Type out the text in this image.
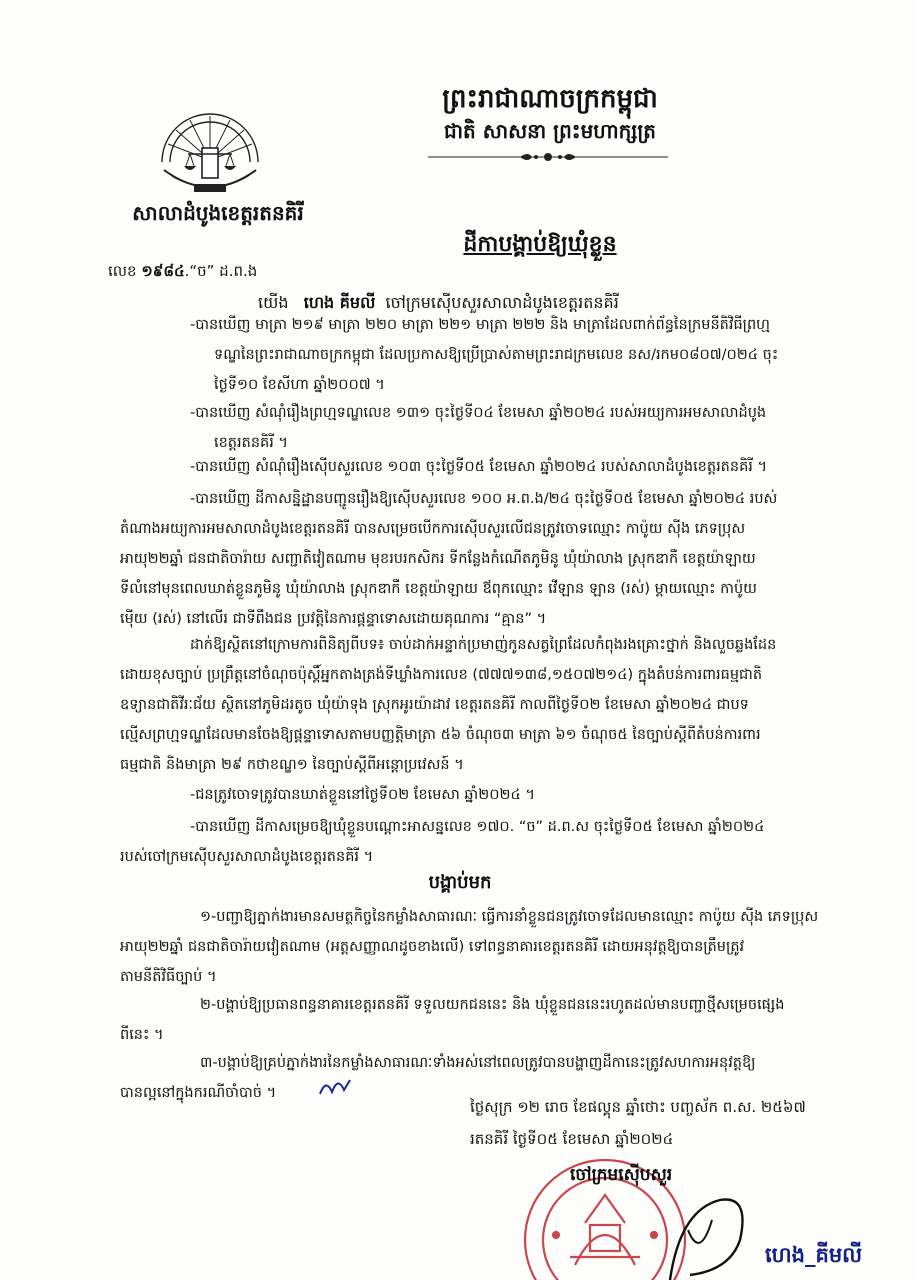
ព្រះរាជាណាចក្រកម្ពុជា
ជាតិ សាសនា ព្រះមហាក្សត្រ
សាលាដំបូងខេត្តរតនគិរី
ដីកាបង្គាប់ឱ្យឃុំខ្លួន
លេខ ១៩៨៤.“ច” ដ.ព.ង
យើង ហេង គីមលី ចៅក្រមស៊ើបសួរសាលាដំបូងខេត្តរតនគិរី
-បានឃើញ មាត្រា ២១៩ មាត្រា ២២០ មាត្រា ២២១ មាត្រា ២២២ និង មាត្រាដែលពាក់ព័ន្ធនៃក្រមនីតិវិធីព្រហ្ម
ទណ្ឌនៃព្រះរាជាណាចក្រកម្ពុជា ដែលប្រកាសឱ្យប្រើប្រាស់តាមព្រះរាជក្រមលេខ នស/រកម០៨០៧/០២៤ ចុះ
ថ្ងៃទី១០ ខែសីហា ឆ្នាំ២០០៧ ។
-បានឃើញ សំណុំរឿងព្រហ្មទណ្ឌលេខ ១៣១ ចុះថ្ងៃទី០៤ ខែមេសា ឆ្នាំ២០២៤ របស់អយ្យការអមសាលាដំបូង
ខេត្តរតនគិរី ។
-បានឃើញ សំណុំរឿងស៊ើបសួរលេខ ១០៣ ចុះថ្ងៃទី០៥ ខែមេសា ឆ្នាំ២០២៤ របស់សាលាដំបូងខេត្តរតនគិរី ។
-បានឃើញ ដីកាសន្និដ្ឋានបញ្ជូនរឿងឱ្យស៊ើបសួរលេខ ១០០ អ.ព.ង/២៤ ចុះថ្ងៃទី០៥ ខែមេសា ឆ្នាំ២០២៤ របស់
តំណាងអយ្យការអមសាលាដំបូងខេត្តរតនគិរី បានសម្រេចបើកការស៊ើបសួរលើជនត្រូវចោទឈ្មោះ កាប៉ូយ ស៊ីង ភេទប្រុស
អាយុ២២ឆ្នាំ ជនជាតិចារ៉ាយ សញ្ជាតិវៀតណាម មុខរបរកសិករ ទីកន្លែងកំណើតភូមិនូ ឃុំយ៉ាលាង ស្រុកឌាកឺ ខេត្តយ៉ាឡាយ
ទីលំនៅមុនពេលឃាត់ខ្លួនភូមិនូ ឃុំយ៉ាលាង ស្រុកឌាកឺ ខេត្តយ៉ាឡាយ ឪពុកឈ្មោះ វើឡាន ឡាន (រស់) ម្តាយឈ្មោះ កាប៉ូយ
ម៉ើយ (រស់) នៅលើរ ជាទីពឹងជន ប្រវត្តិនៃការផ្តន្ទាទោសដោយគុណការ “គ្មាន” ។
ដាក់ឱ្យស្ថិតនៅក្រោមការពិនិត្យពីបទ៖ ចាប់ដាក់អន្ទាក់ប្រមាញ់កូនសត្វព្រៃដែលកំពុងរងគ្រោះថ្នាក់ និងលួចឆ្លងដែន
ដោយខុសច្បាប់ ប្រព្រឹត្តនៅចំណុចប៉ុស្តិ៍អ្នកតាងត្រង់ទីឃ្លាំងការលេខ (៧៧៧១៣៨,១៥០៧២១៤) ក្នុងតំបន់ការពារធម្មជាតិ
ឧទ្យានជាតិវីរៈជ័យ ស្ថិតនៅភូមិដរតូច ឃុំយ៉ាទុង ស្រុកអូរយ៉ាដាវ ខេត្តរតនគិរី កាលពីថ្ងៃទី០២ ខែមេសា ឆ្នាំ២០២៤ ជាបទ
ល្មើសព្រហ្មទណ្ឌដែលមានចែងឱ្យផ្តន្ទាទោសតាមបញ្ញត្តិមាត្រា ៥៦ ចំណុច៣ មាត្រា ៦១ ចំណុច៥ នៃច្បាប់ស្តីពីតំបន់ការពារ
ធម្មជាតិ និងមាត្រា ២៩ កថាខណ្ឌ១ នៃច្បាប់ស្តីពីអន្តោប្រវេសន៍ ។
-ជនត្រូវចោទត្រូវបានឃាត់ខ្លួននៅថ្ងៃទី០២ ខែមេសា ឆ្នាំ២០២៤ ។
-បានឃើញ ដីកាសម្រេចឱ្យឃុំខ្លួនបណ្តោះអាសន្នលេខ ១៧០. “ច” ដ.ព.ស ចុះថ្ងៃទី០៥ ខែមេសា ឆ្នាំ២០២៤
របស់ចៅក្រមស៊ើបសួរសាលាដំបូងខេត្តរតនគិរី ។
បង្គាប់មក
១-បញ្ជាឱ្យភ្នាក់ងារមានសមត្ថកិច្ចនៃកម្លាំងសាធារណៈ ធ្វើការនាំខ្លួនជនត្រូវចោទដែលមានឈ្មោះ កាប៉ូយ ស៊ីង ភេទប្រុស
អាយុ២២ឆ្នាំ ជនជាតិចារ៉ាយវៀតណាម (អត្តសញ្ញាណដូចខាងលើ) ទៅពន្ធនាគារខេត្តរតនគិរី ដោយអនុវត្តឱ្យបានត្រឹមត្រូវ
តាមនីតិវិធីច្បាប់ ។
២-បង្គាប់ឱ្យប្រធានពន្ធនាគារខេត្តរតនគិរី ទទួលយកជននេះ និង ឃុំខ្លួនជននេះរហូតដល់មានបញ្ជាថ្មីសម្រេចផ្សេង
ពីនេះ ។
៣-បង្គាប់ឱ្យគ្រប់ភ្នាក់ងារនៃកម្លាំងសាធារណៈទាំងអស់នៅពេលត្រូវបានបង្ហាញដីកានេះត្រូវសហការអនុវត្តឱ្យ
បានល្អនៅក្នុងករណីចាំបាច់ ។
ថ្ងៃសុក្រ ១២ រោច ខែផល្គុន ឆ្នាំថោះ បញ្ចស័ក ព.ស. ២៥៦៧
រតនគិរី ថ្ងៃទី០៥ ខែមេសា ឆ្នាំ២០២៤
ចៅក្រមស៊ើបសួរ
ហេង_គីមលី
